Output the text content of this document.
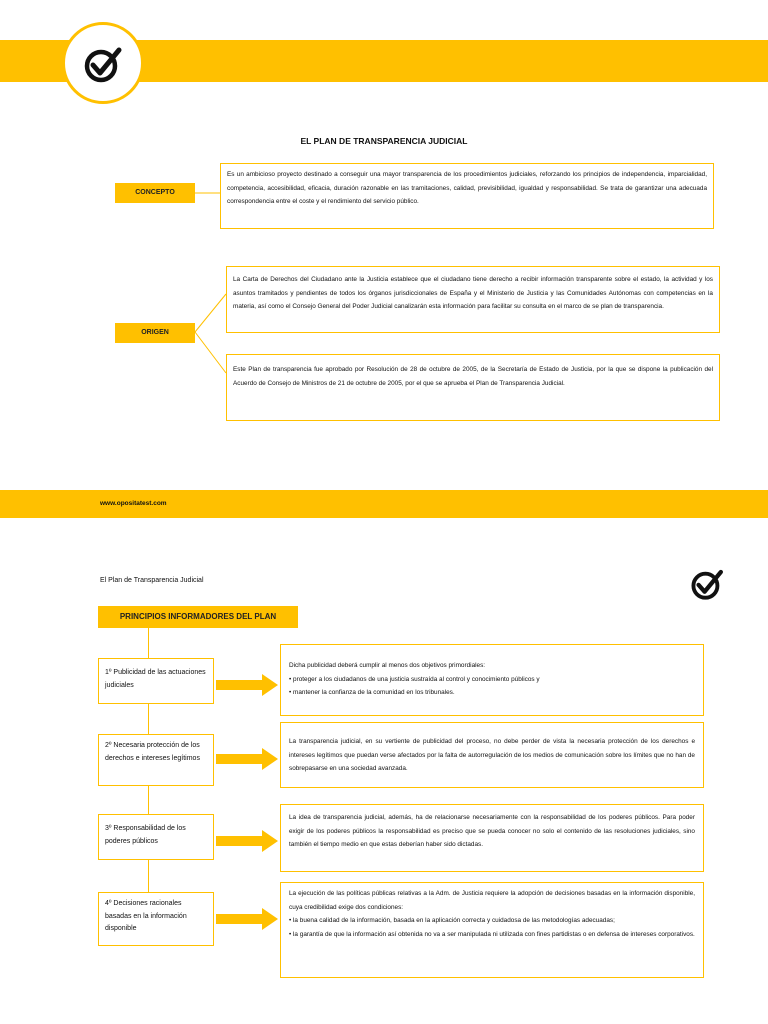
EL PLAN DE TRANSPARENCIA JUDICIAL
CONCEPTO
Es un ambicioso proyecto destinado a conseguir una mayor transparencia de los procedimientos judiciales, reforzando los principios de independencia, imparcialidad, competencia, accesibilidad, eficacia, duración razonable en las tramitaciones, calidad, previsibilidad, igualdad y responsabilidad. Se trata de garantizar una adecuada correspondencia entre el coste y el rendimiento del servicio público.
ORIGEN
La Carta de Derechos del Ciudadano ante la Justicia establece que el ciudadano tiene derecho a recibir información transparente sobre el estado, la actividad y los asuntos tramitados y pendientes de todos los órganos jurisdiccionales de España y el Ministerio de Justicia y las Comunidades Autónomas con competencias en la materia, así como el Consejo General del Poder Judicial canalizarán esta información para facilitar su consulta en el marco de se plan de transparencia.
Este Plan de transparencia fue aprobado por Resolución de 28 de octubre de 2005, de la Secretaría de Estado de Justicia, por la que se dispone la publicación del Acuerdo de Consejo de Ministros de 21 de octubre de 2005, por el que se aprueba el Plan de Transparencia Judicial.
www.opositatest.com
El Plan de Transparencia Judicial
PRINCIPIOS INFORMADORES DEL PLAN
1º Publicidad de las actuaciones judiciales
Dicha publicidad deberá cumplir al menos dos objetivos primordiales:
• proteger a los ciudadanos de una justicia sustraída al control y conocimiento públicos y
• mantener la confianza de la comunidad en los tribunales.
2º Necesaria protección de los derechos e intereses legítimos
La transparencia judicial, en su vertiente de publicidad del proceso, no debe perder de vista la necesaria protección de los derechos e intereses legítimos que puedan verse afectados por la falta de autorregulación de los medios de comunicación sobre los límites que no han de sobrepasarse en una sociedad avanzada.
3º Responsabilidad de los poderes públicos
La idea de transparencia judicial, además, ha de relacionarse necesariamente con la responsabilidad de los poderes públicos. Para poder exigir de los poderes públicos la responsabilidad es preciso que se pueda conocer no solo el contenido de las resoluciones judiciales, sino también el tiempo medio en que estas deberían haber sido dictadas.
4º Decisiones racionales basadas en la información disponible
La ejecución de las políticas públicas relativas a la Adm. de Justicia requiere la adopción de decisiones basadas en la información disponible, cuya credibilidad exige dos condiciones:
• la buena calidad de la información, basada en la aplicación correcta y cuidadosa de las metodologías adecuadas;
• la garantía de que la información así obtenida no va a ser manipulada ni utilizada con fines partidistas o en defensa de intereses corporativos.
